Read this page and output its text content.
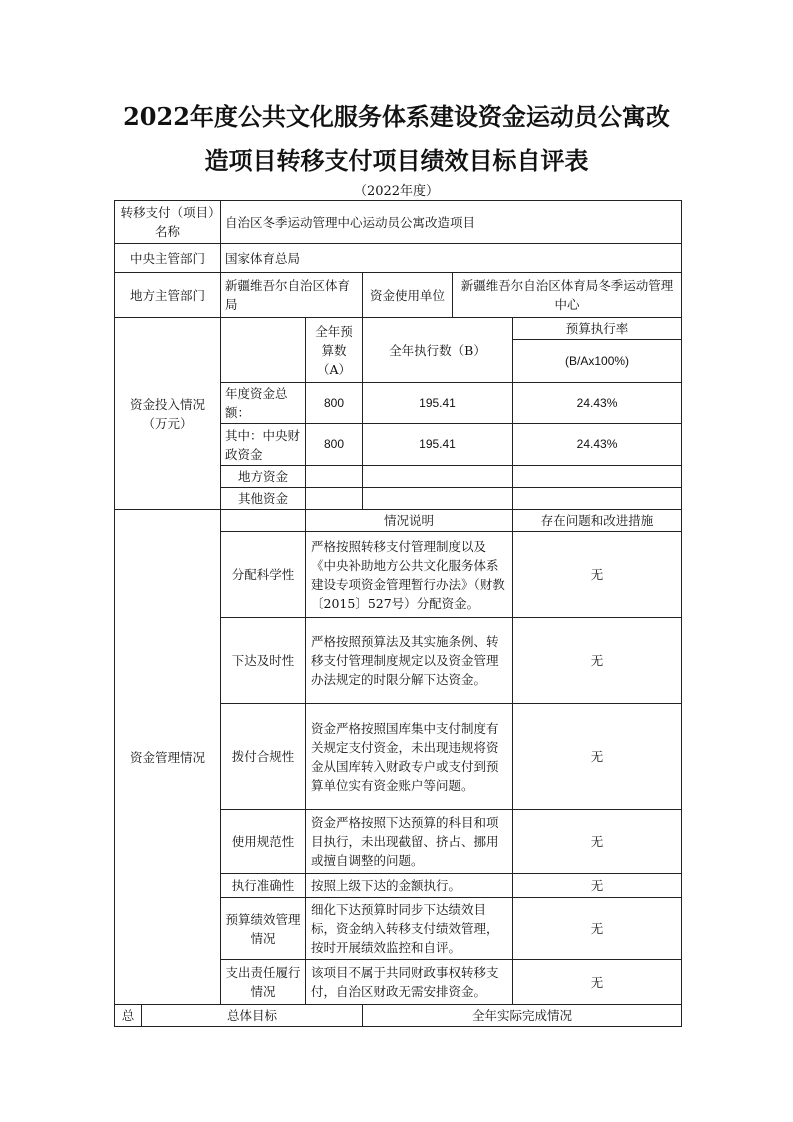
2022年度公共文化服务体系建设资金运动员公寓改
造项目转移支付项目绩效目标自评表
（2022年度）
转移支付（项目）名称		自治区冬季运动管理中心运动员公寓改造项目				
中央主管部门		国家体育总局				
地方主管部门		新疆维吾尔自治区体育局		资金使用单位	新疆维吾尔自治区体育局冬季运动管理中心	
资金投入情况（万元）			全年预算数（A）	全年执行数（B）		预算执行率
						(B/Ax100%)
		年度资金总额：	800	195.41		24.43%
		其中：中央财政资金	800	195.41		24.43%
		地方资金				
		其他资金				

资金管理情况			情况说明			存在问题和改进措施
		分配科学性	严格按照转移支付管理制度以及《中央补助地方公共文化服务体系建设专项资金管理暂行办法》（财教〔2015〕527号）分配资金。			无
		下达及时性	严格按照预算法及其实施条例、转移支付管理制度规定以及资金管理办法规定的时限分解下达资金。			无
		拨付合规性	资金严格按照国库集中支付制度有关规定支付资金，未出现违规将资金从国库转入财政专户或支付到预算单位实有资金账户等问题。			无
		使用规范性	资金严格按照下达预算的科目和项目执行，未出现截留、挤占、挪用或擅自调整的问题。			无
		执行准确性	按照上级下达的金额执行。			无
		预算绩效管理情况	细化下达预算时同步下达绩效目标，资金纳入转移支付绩效管理，按时开展绩效监控和自评。			无
		支出责任履行情况	该项目不属于共同财政事权转移支付，自治区财政无需安排资金。			无
总	总体目标			全年实际完成情况		
